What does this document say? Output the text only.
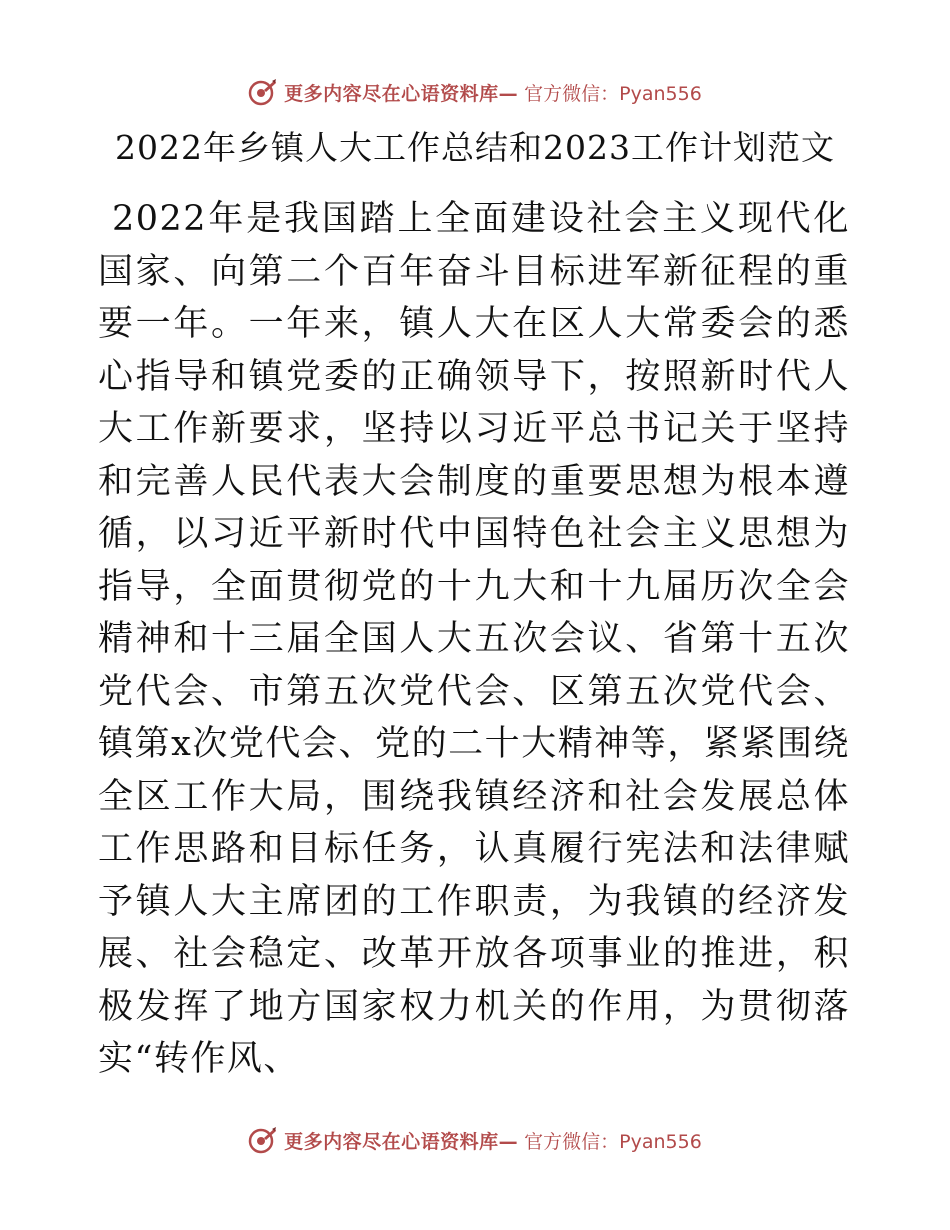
更多内容尽在心语资料库— 官方微信：Pyan556
2022年乡镇人大工作总结和2023工作计划范文
2022年是我国踏上全面建设社会主义现代化国家、向第二个百年奋斗目标进军新征程的重要一年。一年来，镇人大在区人大常委会的悉心指导和镇党委的正确领导下，按照新时代人大工作新要求，坚持以习近平总书记关于坚持和完善人民代表大会制度的重要思想为根本遵循，以习近平新时代中国特色社会主义思想为指导，全面贯彻党的十九大和十九届历次全会精神和十三届全国人大五次会议、省第十五次党代会、市第五次党代会、区第五次党代会、镇第x次党代会、党的二十大精神等，紧紧围绕全区工作大局，围绕我镇经济和社会发展总体工作思路和目标任务，认真履行宪法和法律赋予镇人大主席团的工作职责，为我镇的经济发展、社会稳定、改革开放各项事业的推进，积极发挥了地方国家权力机关的作用，为贯彻落实“转作风、
更多内容尽在心语资料库— 官方微信：Pyan556
